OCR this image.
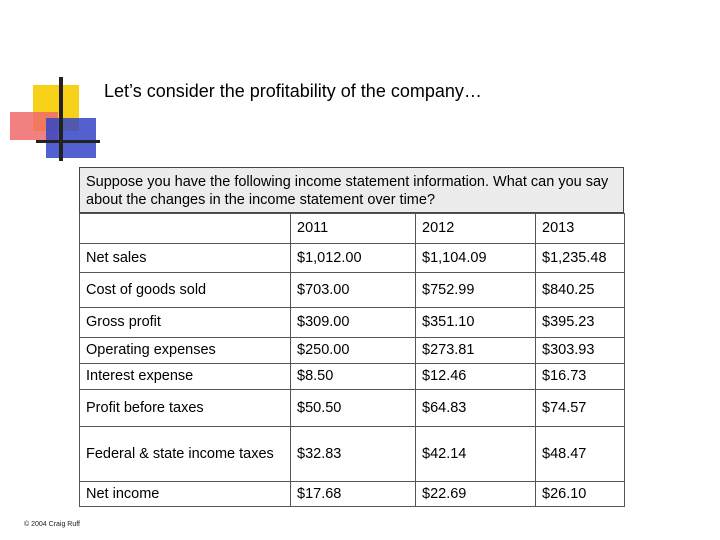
Let’s consider the profitability of the company…
Suppose you have the following income statement information. What can you say about the changes in the income statement over time?
	2011	2012	2013
Net sales	$1,012.00	$1,104.09	$1,235.48
Cost of goods sold	$703.00	$752.99	$840.25
Gross profit	$309.00	$351.10	$395.23
Operating expenses	$250.00	$273.81	$303.93
Interest expense	$8.50	$12.46	$16.73
Profit before taxes	$50.50	$64.83	$74.57
Federal & state income taxes	$32.83	$42.14	$48.47
Net income	$17.68	$22.69	$26.10
© 2004 Craig Ruff
